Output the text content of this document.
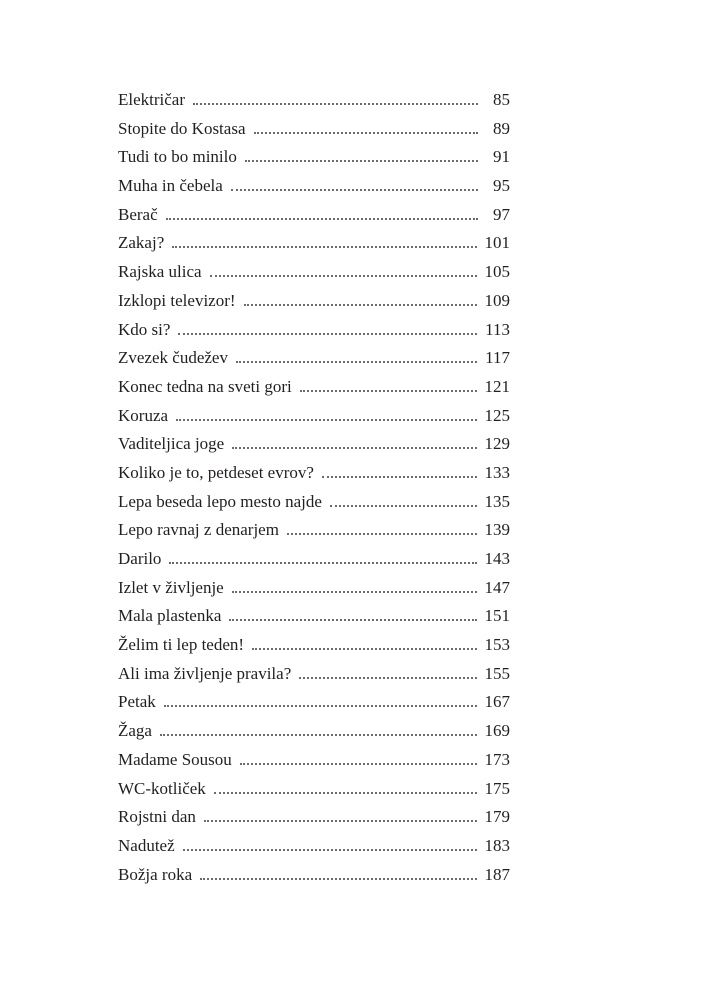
Električar	85
Stopite do Kostasa	89
Tudi to bo minilo	91
Muha in čebela	95
Berač	97
Zakaj?	101
Rajska ulica	105
Izklopi televizor!	109
Kdo si?	113
Zvezek čudežev	117
Konec tedna na sveti gori	121
Koruza	125
Vaditeljica joge	129
Koliko je to, petdeset evrov?	133
Lepa beseda lepo mesto najde	135
Lepo ravnaj z denarjem	139
Darilo	143
Izlet v življenje	147
Mala plastenka	151
Želim ti lep teden!	153
Ali ima življenje pravila?	155
Petak	167
Žaga	169
Madame Sousou	173
WC-kotliček	175
Rojstni dan	179
Nadutež	183
Božja roka	187
